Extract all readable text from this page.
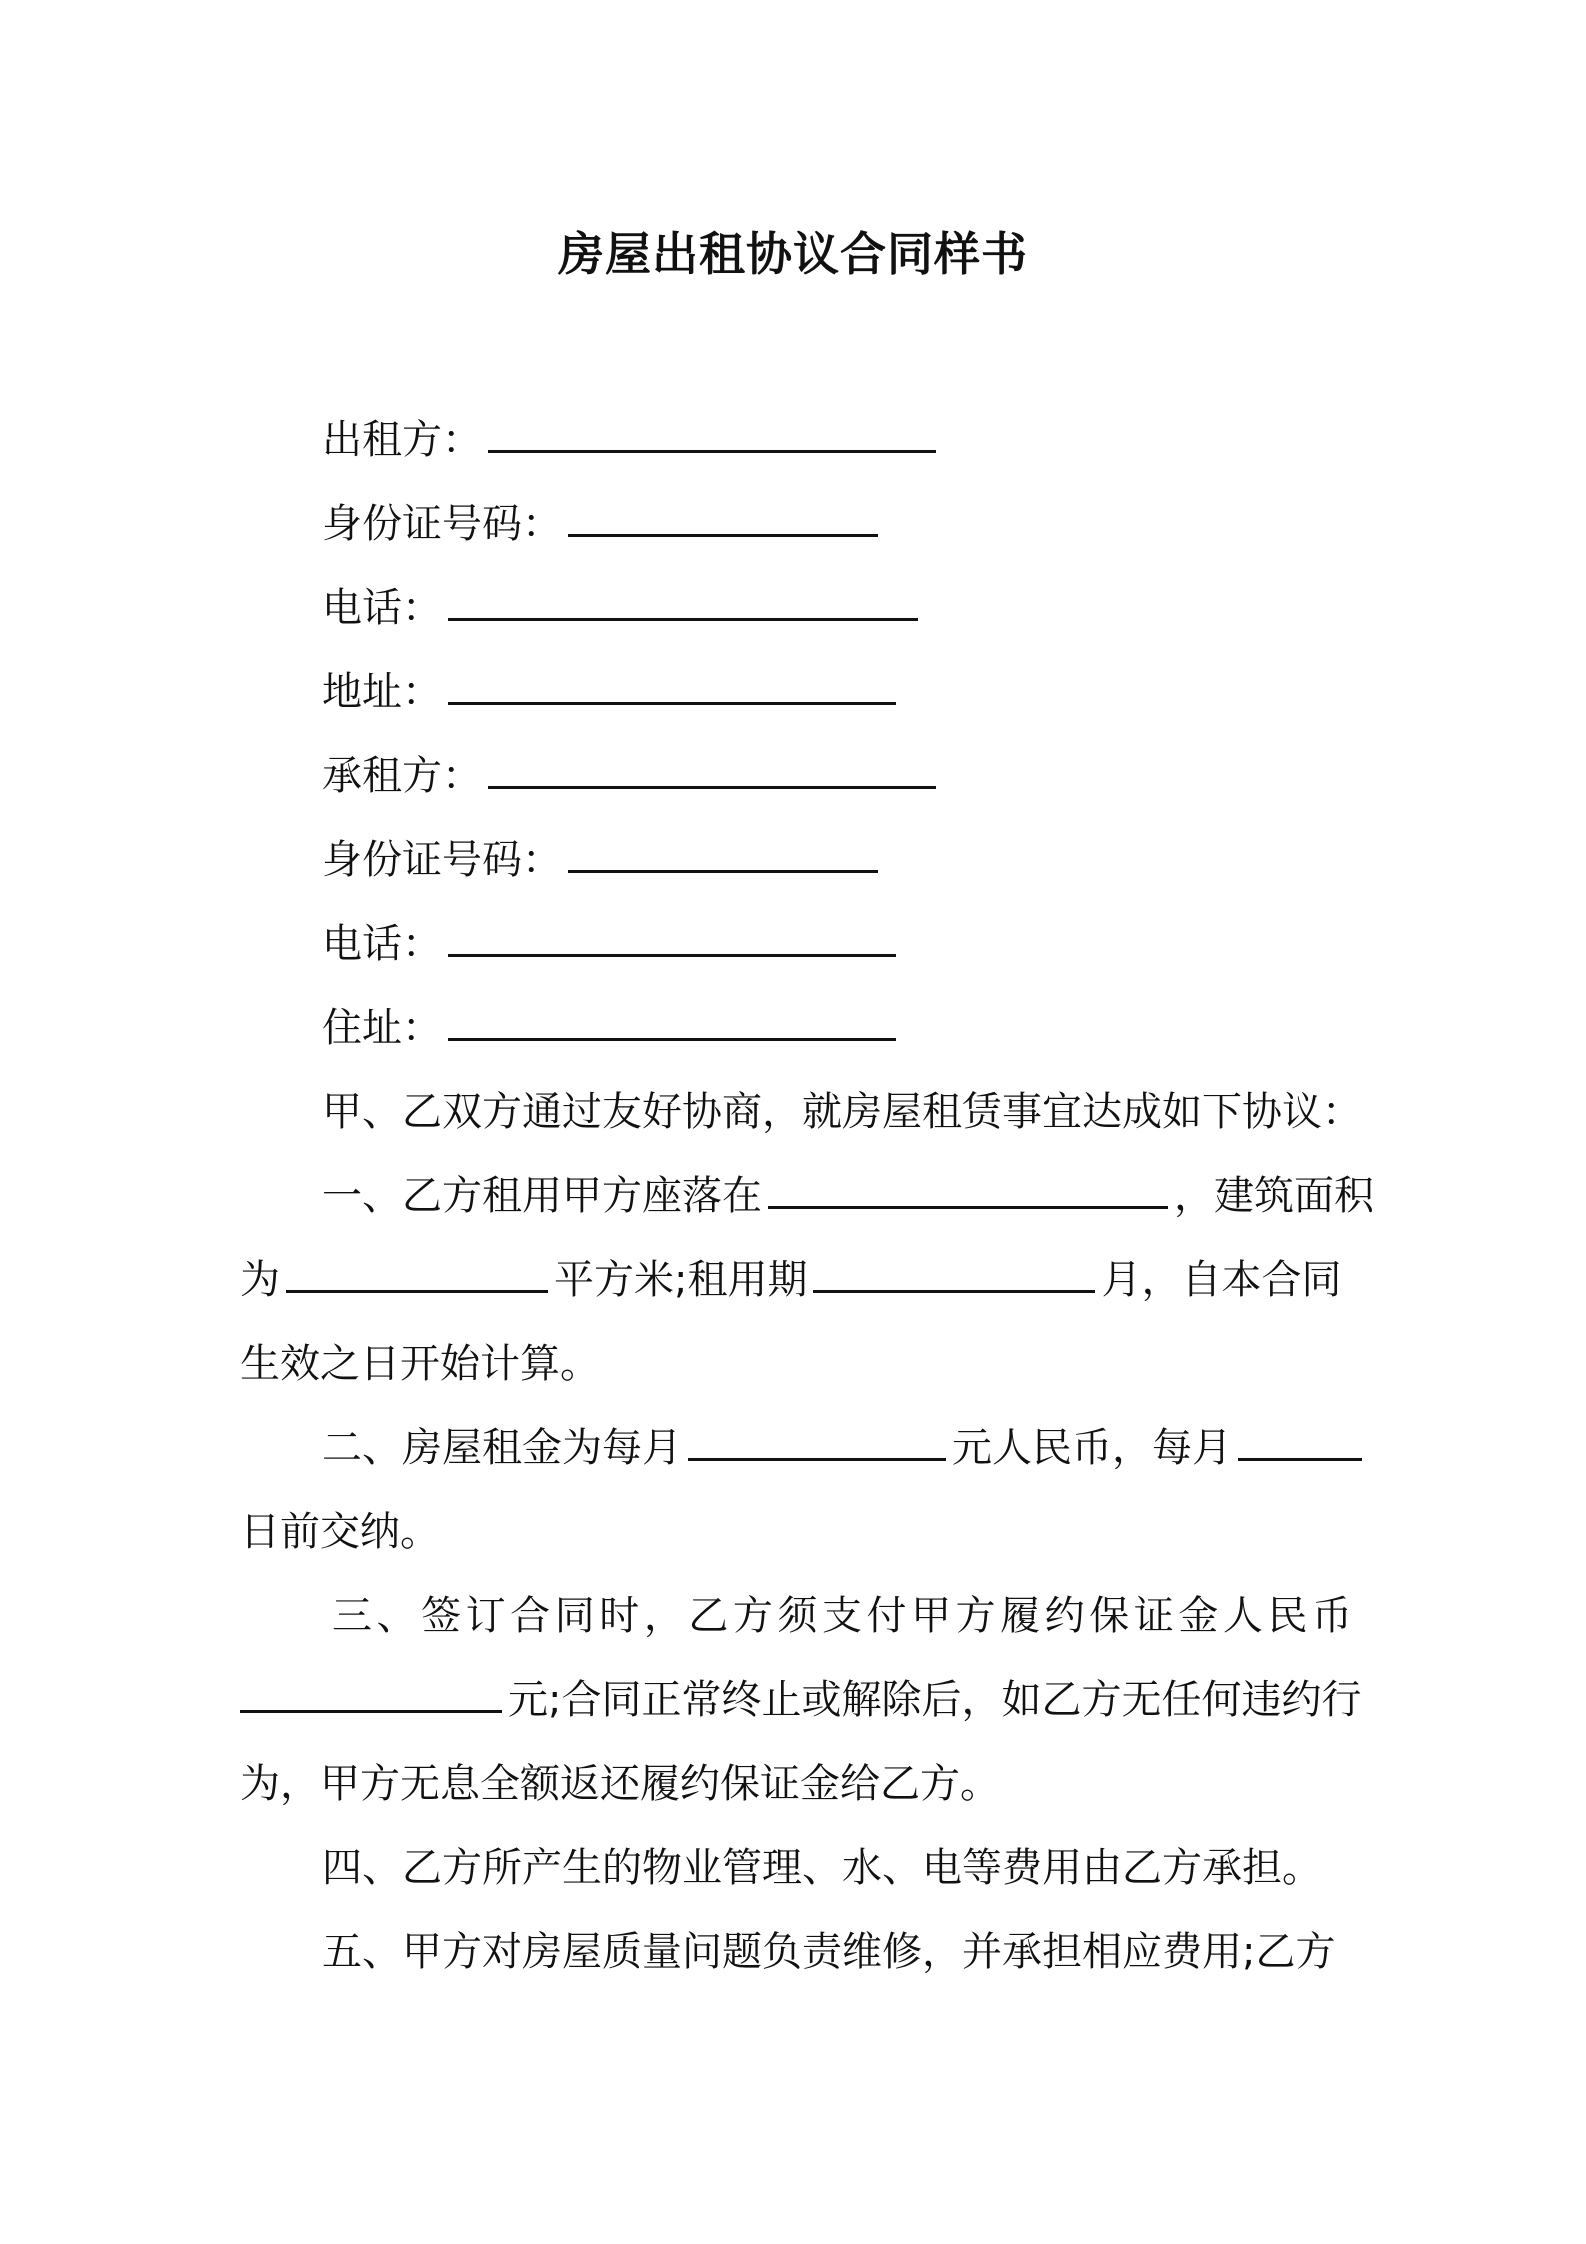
房屋出租协议合同样书
出租方：
身份证号码：
电话：
地址：
承租方：
身份证号码：
电话：
住址：
甲、乙双方通过友好协商，就房屋租赁事宜达成如下协议：
一、乙方租用甲方座落在	，建筑面积
为	平方米;租用期	月，自本合同
生效之日开始计算。
二、房屋租金为每月	元人民币，每月
日前交纳。
三、签订合同时，乙方须支付甲方履约保证金人民币
元;合同正常终止或解除后，如乙方无任何违约行
为，甲方无息全额返还履约保证金给乙方。
四、乙方所产生的物业管理、水、电等费用由乙方承担。
五、甲方对房屋质量问题负责维修，并承担相应费用;乙方
